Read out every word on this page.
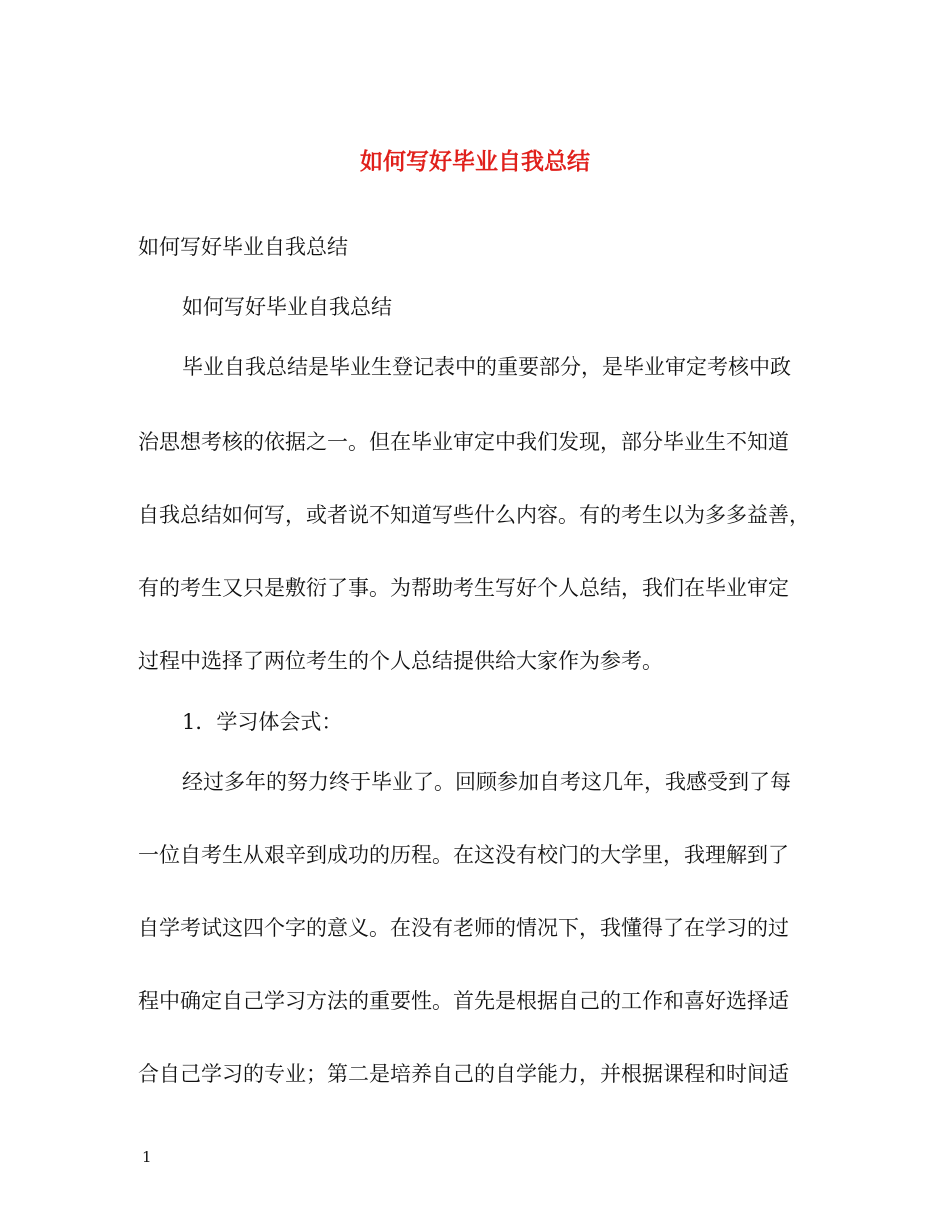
如何写好毕业自我总结
如何写好毕业自我总结
如何写好毕业自我总结
毕业自我总结是毕业生登记表中的重要部分，是毕业审定考核中政
治思想考核的依据之一。但在毕业审定中我们发现，部分毕业生不知道
自我总结如何写，或者说不知道写些什么内容。有的考生以为多多益善，
有的考生又只是敷衍了事。为帮助考生写好个人总结，我们在毕业审定
过程中选择了两位考生的个人总结提供给大家作为参考。
1．学习体会式：
经过多年的努力终于毕业了。回顾参加自考这几年，我感受到了每
一位自考生从艰辛到成功的历程。在这没有校门的大学里，我理解到了
自学考试这四个字的意义。在没有老师的情况下，我懂得了在学习的过
程中确定自己学习方法的重要性。首先是根据自己的工作和喜好选择适
合自己学习的专业；第二是培养自己的自学能力，并根据课程和时间适
1
